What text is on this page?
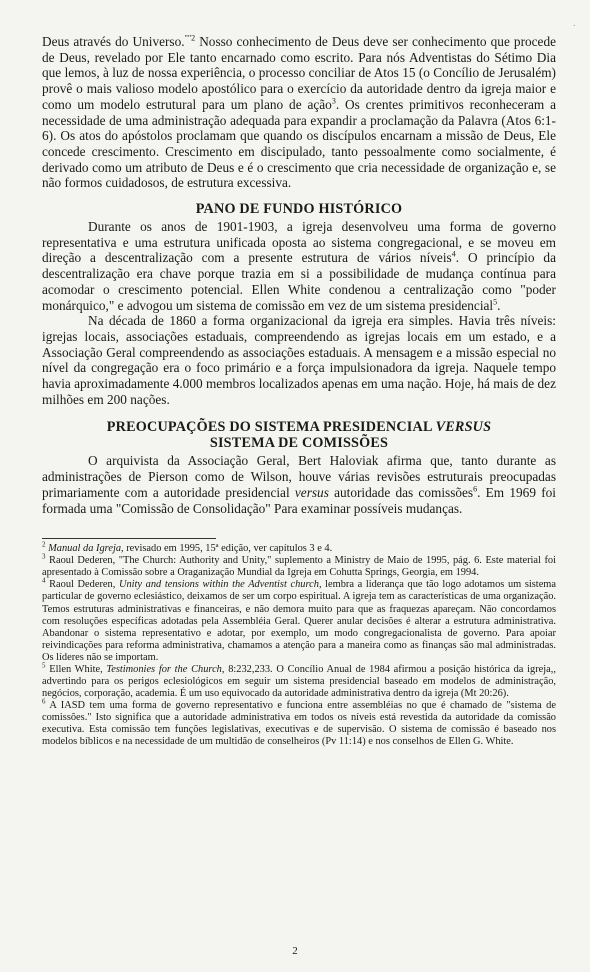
·

Deus através do Universo.$^{""2}$ Nosso conhecimento de Deus deve ser conhecimento que procede de Deus, revelado por Ele tanto encarnado como escrito. Para nós Adventistas do Sétimo Dia que lemos, à luz de nossa experiência, o processo conciliar de Atos 15 (o Concílio de Jerusalém) provê o mais valioso modelo apostólico para o exercício da autoridade dentro da igreja maior e como um modelo estrutural para um plano de ação$^3$. Os crentes primitivos reconheceram a necessidade de uma administração adequada para expandir a proclamação da Palavra (Atos 6:1-6). Os atos do apóstolos proclamam que quando os discípulos encarnam a missão de Deus, Ele concede crescimento. Crescimento em discipulado, tanto pessoalmente como socialmente, é derivado como um atributo de Deus e é o crescimento que cria necessidade de organização e, se não formos cuidadosos, de estrutura excessiva.

PANO DE FUNDO HISTÓRICO

Durante os anos de 1901-1903, a igreja desenvolveu uma forma de governo representativa e uma estrutura unificada oposta ao sistema congregacional, e se moveu em direção a descentralização com a presente estrutura de vários níveis$^4$. O princípio da descentralização era chave porque trazia em si a possibilidade de mudança contínua para acomodar o crescimento potencial. Ellen White condenou a centralização como "poder monárquico," e advogou um sistema de comissão em vez de um sistema presidencial$^5$.

Na década de 1860 a forma organizacional da igreja era simples. Havia três níveis: igrejas locais, associações estaduais, compreendendo as igrejas locais em um estado, e a Associação Geral compreendendo as associações estaduais. A mensagem e a missão especial no nível da congregação era o foco primário e a força impulsionadora da igreja. Naquele tempo havia aproximadamente 4.000 membros localizados apenas em uma nação. Hoje, há mais de dez milhões em 200 nações.

PREOCUPAÇÕES DO SISTEMA PRESIDENCIAL VERSUS
SISTEMA DE COMISSÕES

O arquivista da Associação Geral, Bert Haloviak afirma que, tanto durante as administrações de Pierson como de Wilson, houve várias revisões estruturais preocupadas primariamente com a autoridade presidencial versus autoridade das comissões$^6$. Em 1969 foi formada uma "Comissão de Consolidação" Para examinar possíveis mudanças.

$^2$ Manual da Igreja, revisado em 1995, 15ª edição, ver capítulos 3 e 4.

$^3$ Raoul Dederen, "The Church: Authority and Unity," suplemento a Ministry de Maio de 1995, pág. 6. Este material foi apresentado à Comissão sobre a Oraganização Mundial da Igreja em Cohutta Springs, Georgia, em 1994.

$^4$ Raoul Dederen, Unity and tensions within the Adventist church, lembra a liderança que tão logo adotamos um sistema particular de governo eclesiástico, deixamos de ser um corpo espiritual. A igreja tem as características de uma organização. Temos estruturas administrativas e financeiras, e não demora muito para que as fraquezas apareçam. Não concordamos com resoluções específicas adotadas pela Assembléia Geral. Querer anular decisões é alterar a estrutura administrativa. Abandonar o sistema representativo e adotar, por exemplo, um modo congregacionalista de governo. Para apoiar reivindicações para reforma administrativa, chamamos a atenção para a maneira como as finanças são mal administradas. Os líderes não se importam.

$^5$ Ellen White, Testimonies for the Church, 8:232,233. O Concílio Anual de 1984 afirmou a posição histórica da igreja,, advertindo para os perigos eclesiológicos em seguir um sistema presidencial baseado em modelos de administração, negócios, corporação, academia. É um uso equivocado da autoridade administrativa dentro da igreja (Mt 20:26).

$^6$ A IASD tem uma forma de governo representativo e funciona entre assembléias no que é chamado de "sistema de comissões." Isto significa que a autoridade administrativa em todos os níveis está revestida da autoridade da comissão executiva. Esta comissão tem funções legislativas, executivas e de supervisão. O sistema de comissão é baseado nos modelos bíblicos e na necessidade de um multidão de conselheiros (Pv 11:14) e nos conselhos de Ellen G. White.

2
